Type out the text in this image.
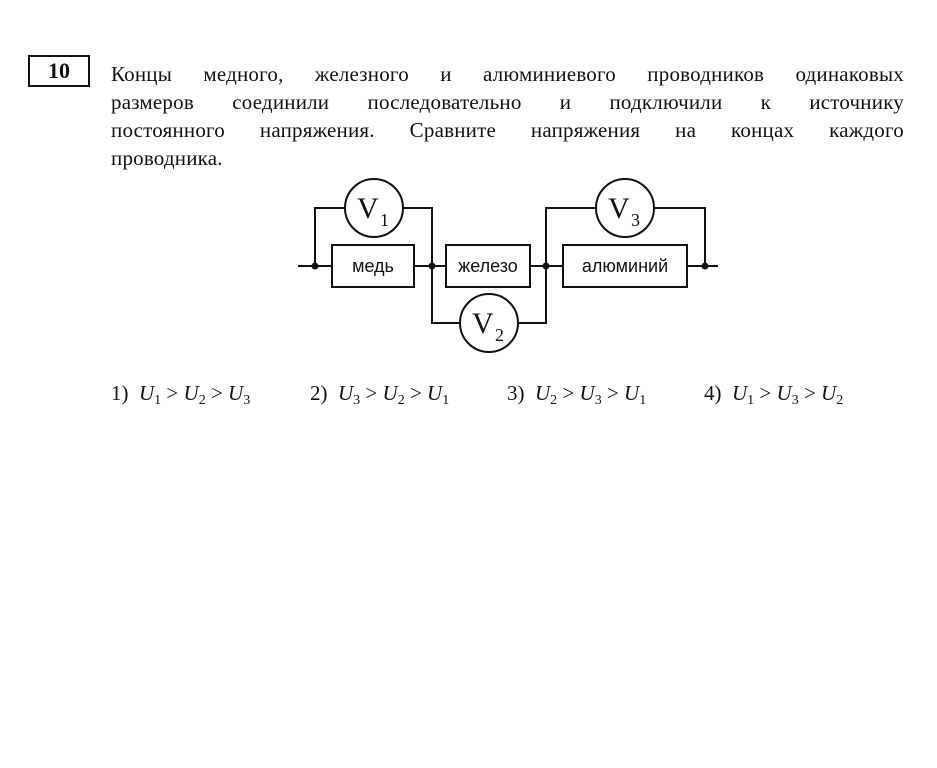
10	Концы медного, железного и алюминиевого проводников одинаковых
размеров соединили последовательно и подключили к источнику
постоянного напряжения. Сравните напряжения на концах каждого
проводника.
медь	железо	алюминий
V 1
V 2
V 3
1) $U_1 > U_2 > U_3$	2) $U_3 > U_2 > U_1$	3) $U_2 > U_3 > U_1$	4) $U_1 > U_3 > U_2$
